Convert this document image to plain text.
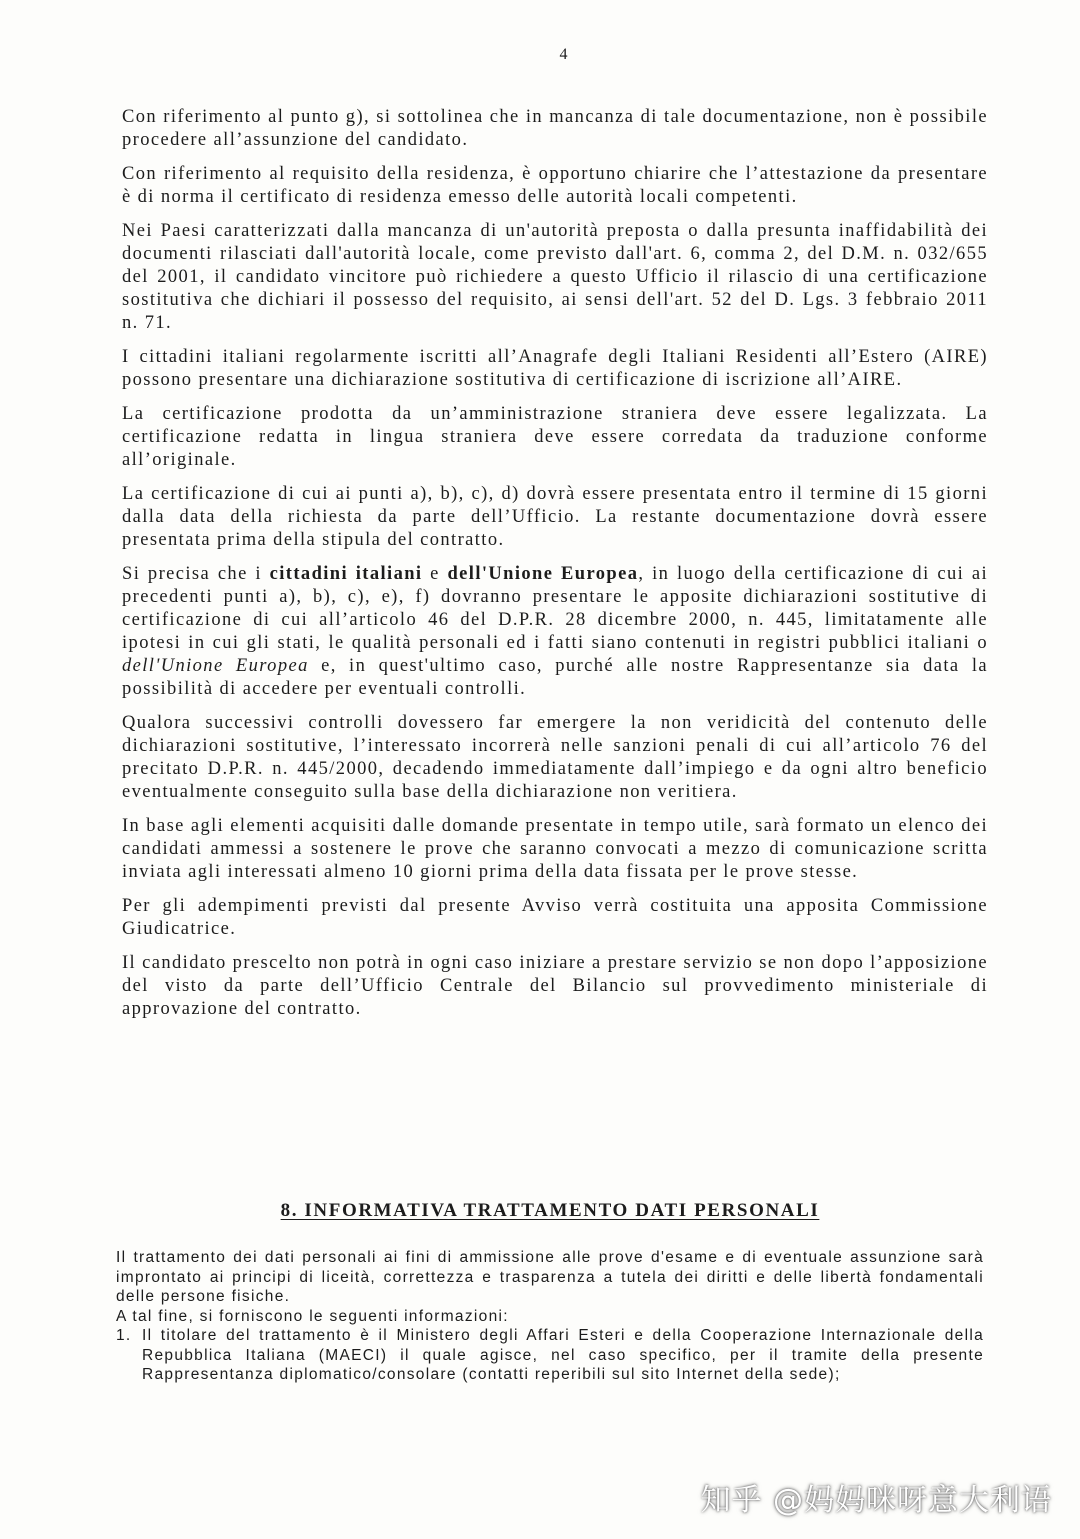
4

Con riferimento al punto g), si sottolinea che in mancanza di tale documentazione, non è possibile procedere all’assunzione del candidato.

Con riferimento al requisito della residenza, è opportuno chiarire che l’attestazione da presentare è di norma il certificato di residenza emesso delle autorità locali competenti.

Nei Paesi caratterizzati dalla mancanza di un'autorità preposta o dalla presunta inaffidabilità dei documenti rilasciati dall'autorità locale, come previsto dall'art. 6, comma 2, del D.M. n. 032/655 del 2001, il candidato vincitore può richiedere a questo Ufficio il rilascio di una certificazione sostitutiva che dichiari il possesso del requisito, ai sensi dell'art. 52 del D. Lgs. 3 febbraio 2011 n. 71.

I cittadini italiani regolarmente iscritti all’Anagrafe degli Italiani Residenti all’Estero (AIRE) possono presentare una dichiarazione sostitutiva di certificazione di iscrizione all’AIRE.

La certificazione prodotta da un’amministrazione straniera deve essere legalizzata. La certificazione redatta in lingua straniera deve essere corredata da traduzione conforme all’originale.

La certificazione di cui ai punti a), b), c), d) dovrà essere presentata entro il termine di 15 giorni dalla data della richiesta da parte dell’Ufficio. La restante documentazione dovrà essere presentata prima della stipula del contratto.

Si precisa che i cittadini italiani e dell'Unione Europea, in luogo della certificazione di cui ai precedenti punti a), b), c), e), f) dovranno presentare le apposite dichiarazioni sostitutive di certificazione di cui all’articolo 46 del D.P.R. 28 dicembre 2000, n. 445, limitatamente alle ipotesi in cui gli stati, le qualità personali ed i fatti siano contenuti in registri pubblici italiani o dell'Unione Europea e, in quest'ultimo caso, purché alle nostre Rappresentanze sia data la possibilità di accedere per eventuali controlli.

Qualora successivi controlli dovessero far emergere la non veridicità del contenuto delle dichiarazioni sostitutive, l’interessato incorrerà nelle sanzioni penali di cui all’articolo 76 del precitato D.P.R. n. 445/2000, decadendo immediatamente dall’impiego e da ogni altro beneficio eventualmente conseguito sulla base della dichiarazione non veritiera.

In base agli elementi acquisiti dalle domande presentate in tempo utile, sarà formato un elenco dei candidati ammessi a sostenere le prove che saranno convocati a mezzo di comunicazione scritta inviata agli interessati almeno 10 giorni prima della data fissata per le prove stesse.

Per gli adempimenti previsti dal presente Avviso verrà costituita una apposita Commissione Giudicatrice.

Il candidato prescelto non potrà in ogni caso iniziare a prestare servizio se non dopo l’apposizione del visto da parte dell’Ufficio Centrale del Bilancio sul provvedimento ministeriale di approvazione del contratto.

8. INFORMATIVA TRATTAMENTO DATI PERSONALI

Il trattamento dei dati personali ai fini di ammissione alle prove d'esame e di eventuale assunzione sarà improntato ai principi di liceità, correttezza e trasparenza a tutela dei diritti e delle libertà fondamentali delle persone fisiche.

A tal fine, si forniscono le seguenti informazioni:

1. Il titolare del trattamento è il Ministero degli Affari Esteri e della Cooperazione Internazionale della Repubblica Italiana (MAECI) il quale agisce, nel caso specifico, per il tramite della presente Rappresentanza diplomatico/consolare (contatti reperibili sul sito Internet della sede);
知乎 @妈妈咪呀意大利语
